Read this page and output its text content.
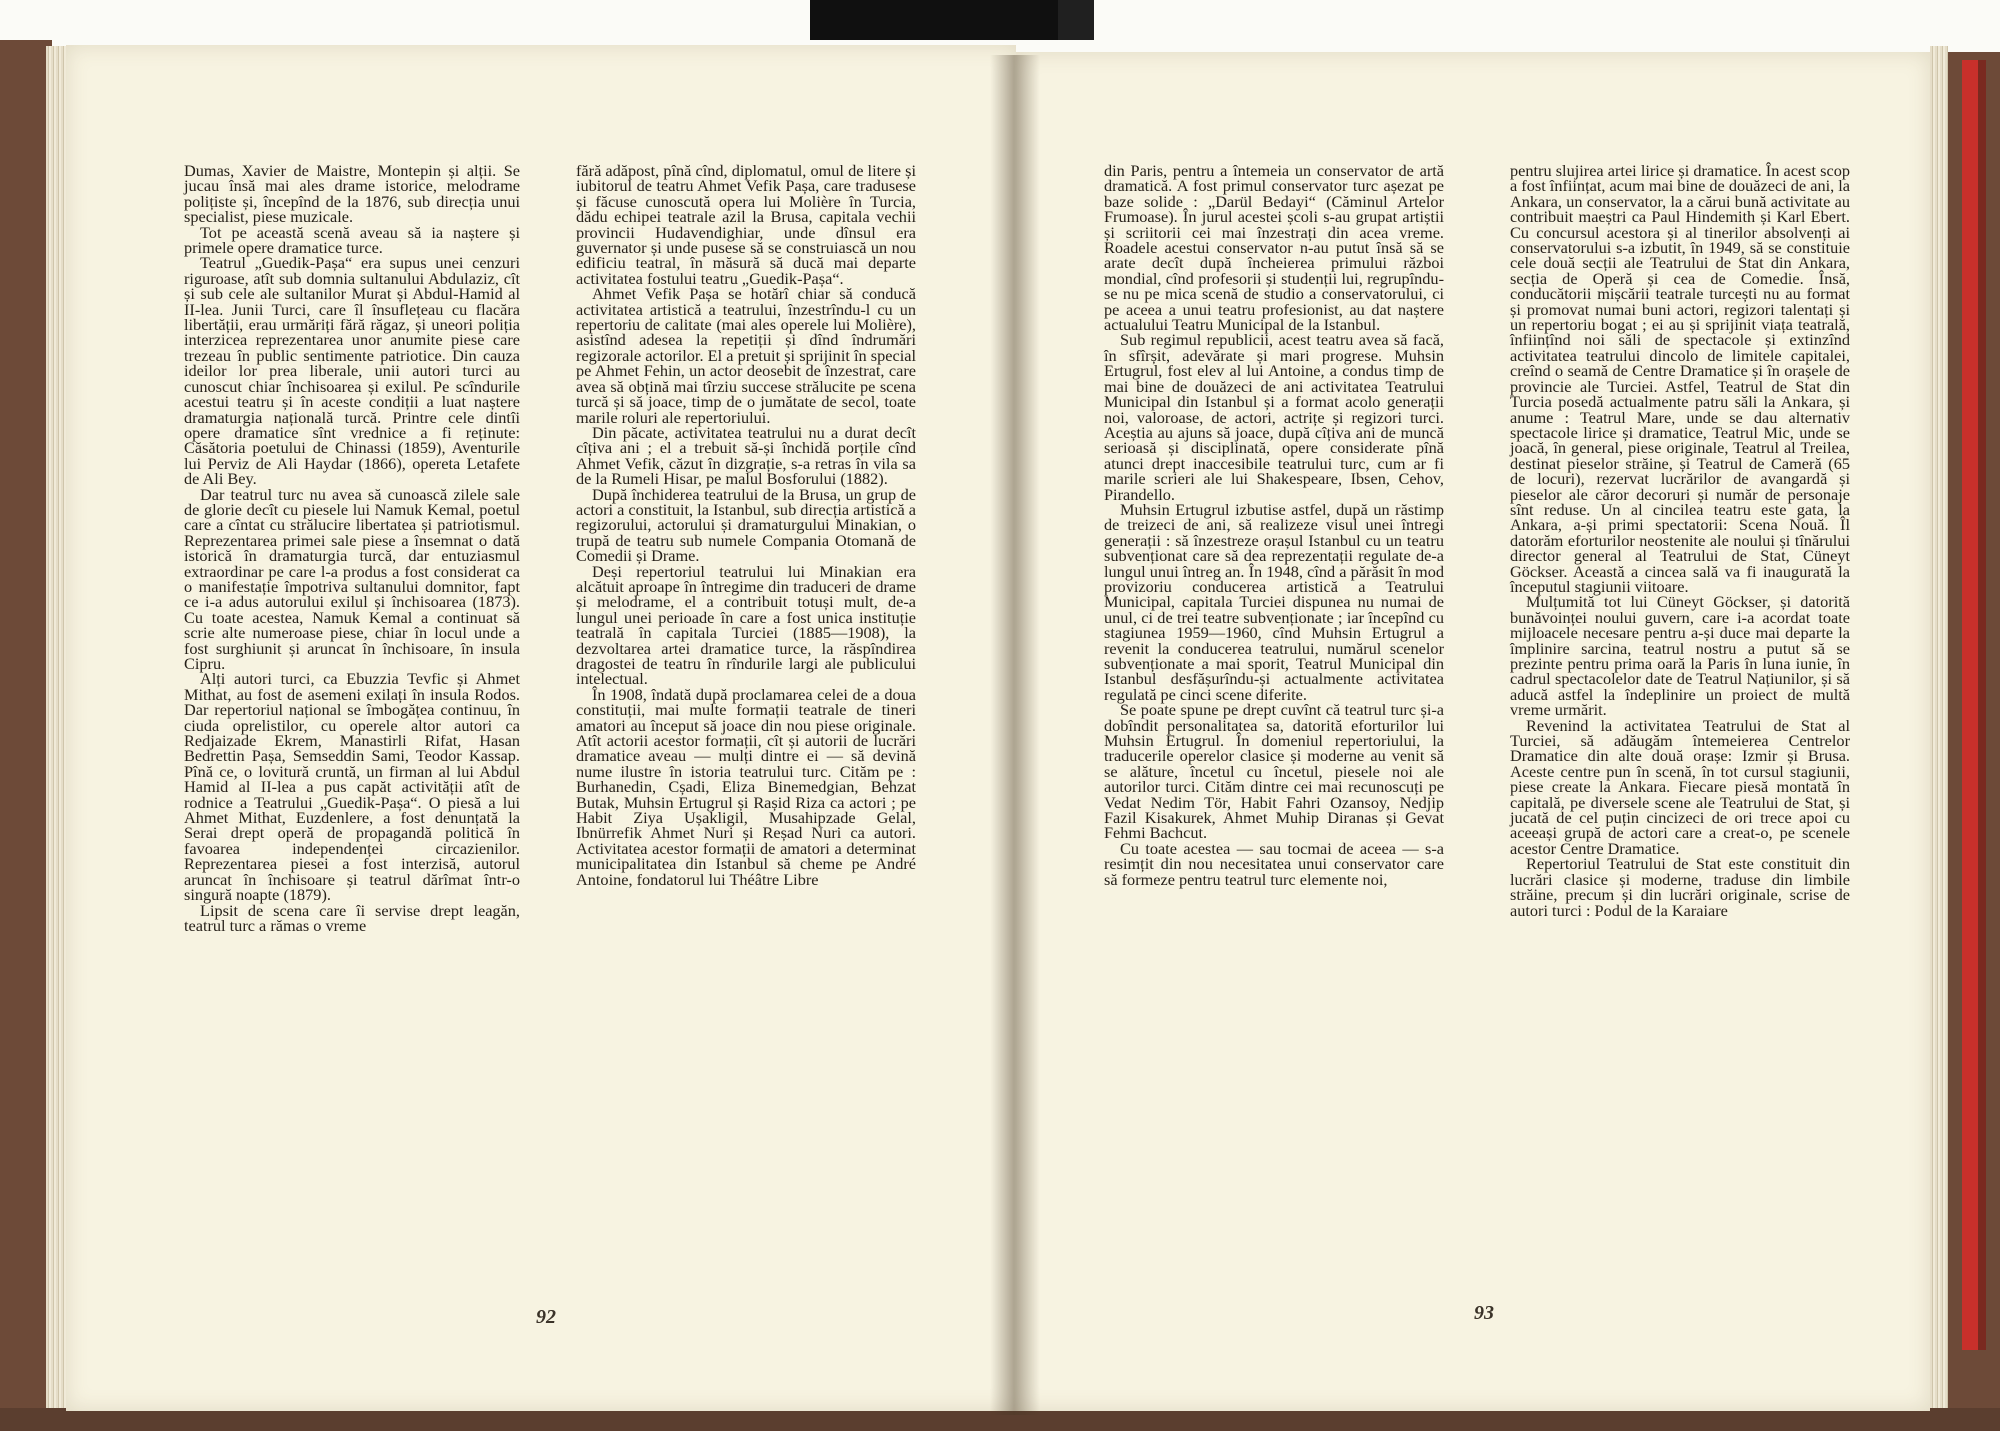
Dumas, Xavier de Maistre, Montepin și alții. Se jucau însă mai ales drame istorice, melodrame polițiste și, începînd de la 1876, sub direcția unui specialist, piese muzicale.

Tot pe această scenă aveau să ia naștere și primele opere dramatice turce.

Teatrul „Guedik-Pașa“ era supus unei cenzuri riguroase, atît sub domnia sultanului Abdulaziz, cît și sub cele ale sultanilor Murat și Abdul-Hamid al II-lea. Junii Turci, care îl însuflețeau cu flacăra libertății, erau urmăriți fără răgaz, și uneori poliția interzicea reprezentarea unor anumite piese care trezeau în public sentimente patriotice. Din cauza ideilor lor prea liberale, unii autori turci au cunoscut chiar închisoarea și exilul. Pe scîndurile acestui teatru și în aceste condiții a luat naștere dramaturgia națională turcă. Printre cele dintîi opere dramatice sînt vrednice a fi reținute: Căsătoria poetului de Chinassi (1859), Aventurile lui Perviz de Ali Haydar (1866), opereta Letafete de Ali Bey.

Dar teatrul turc nu avea să cunoască zilele sale de glorie decît cu piesele lui Namuk Kemal, poetul care a cîntat cu strălucire libertatea și patriotismul. Reprezentarea primei sale piese a însemnat o dată istorică în dramaturgia turcă, dar entuziasmul extraordinar pe care l-a produs a fost considerat ca o manifestație împotriva sultanului domnitor, fapt ce i-a adus autorului exilul și închisoarea (1873). Cu toate acestea, Namuk Kemal a continuat să scrie alte numeroase piese, chiar în locul unde a fost surghiunit și aruncat în închisoare, în insula Cipru.

Alți autori turci, ca Ebuzzia Tevfic și Ahmet Mithat, au fost de asemeni exilați în insula Rodos. Dar repertoriul național se îmbogățea continuu, în ciuda oprelistilor, cu operele altor autori ca Redjaizade Ekrem, Manastirli Rifat, Hasan Bedrettin Pașa, Semseddin Sami, Teodor Kassap. Pînă ce, o lovitură cruntă, un firman al lui Abdul Hamid al II-lea a pus capăt activității atît de rodnice a Teatrului „Guedik-Pașa“. O piesă a lui Ahmet Mithat, Euzdenlere, a fost denunțată la Serai drept operă de propagandă politică în favoarea independenței circazienilor. Reprezentarea piesei a fost interzisă, autorul aruncat în închisoare și teatrul dărîmat într-o singură noapte (1879).

Lipsit de scena care îi servise drept leagăn, teatrul turc a rămas o vreme

fără adăpost, pînă cînd, diplomatul, omul de litere și iubitorul de teatru Ahmet Vefik Pașa, care tradusese și făcuse cunoscută opera lui Molière în Turcia, dădu echipei teatrale azil la Brusa, capitala vechii provincii Hudavendighiar, unde dînsul era guvernator și unde pusese să se construiască un nou edificiu teatral, în măsură să ducă mai departe activitatea fostului teatru „Guedik-Pașa“.

Ahmet Vefik Pașa se hotărî chiar să conducă activitatea artistică a teatrului, înzestrîndu-l cu un repertoriu de calitate (mai ales operele lui Molière), asistînd adesea la repetiții și dînd îndrumări regizorale actorilor. El a pretuit și sprijinit în special pe Ahmet Fehin, un actor deosebit de înzestrat, care avea să obțină mai tîrziu succese strălucite pe scena turcă și să joace, timp de o jumătate de secol, toate marile roluri ale repertoriului.

Din păcate, activitatea teatrului nu a durat decît cîțiva ani ; el a trebuit să-și închidă porțile cînd Ahmet Vefik, căzut în dizgrație, s-a retras în vila sa de la Rumeli Hisar, pe malul Bosforului (1882).

După închiderea teatrului de la Brusa, un grup de actori a constituit, la Istanbul, sub direcția artistică a regizorului, actorului și dramaturgului Minakian, o trupă de teatru sub numele Compania Otomană de Comedii și Drame.

Deși repertoriul teatrului lui Minakian era alcătuit aproape în întregime din traduceri de drame și melodrame, el a contribuit totuși mult, de-a lungul unei perioade în care a fost unica instituție teatrală în capitala Turciei (1885—1908), la dezvoltarea artei dramatice turce, la răspîndirea dragostei de teatru în rîndurile largi ale publicului intelectual.

În 1908, îndată după proclamarea celei de a doua constituții, mai multe formații teatrale de tineri amatori au început să joace din nou piese originale. Atît actorii acestor formații, cît și autorii de lucrări dramatice aveau — mulți dintre ei — să devină nume ilustre în istoria teatrului turc. Cităm pe : Burhanedin, Cșadi, Eliza Binemedgian, Behzat Butak, Muhsin Ertugrul și Rașid Riza ca actori ; pe Habit Ziya Ușakligil, Musahipzade Gelal, Ibnürrefik Ahmet Nuri și Reșad Nuri ca autori. Activitatea acestor formații de amatori a determinat municipalitatea din Istanbul să cheme pe André Antoine, fondatorul lui Théâtre Libre

din Paris, pentru a întemeia un conservator de artă dramatică. A fost primul conservator turc așezat pe baze solide : „Darül Bedayi“ (Căminul Artelor Frumoase). În jurul acestei școli s-au grupat artiștii și scriitorii cei mai înzestrați din acea vreme. Roadele acestui conservator n-au putut însă să se arate decît după încheierea primului război mondial, cînd profesorii și studenții lui, regrupîndu-se nu pe mica scenă de studio a conservatorului, ci pe aceea a unui teatru profesionist, au dat naștere actualului Teatru Municipal de la Istanbul.

Sub regimul republicii, acest teatru avea să facă, în sfîrșit, adevărate și mari progrese. Muhsin Ertugrul, fost elev al lui Antoine, a condus timp de mai bine de douăzeci de ani activitatea Teatrului Municipal din Istanbul și a format acolo generații noi, valoroase, de actori, actrițe și regizori turci. Aceștia au ajuns să joace, după cîțiva ani de muncă serioasă și disciplinată, opere considerate pînă atunci drept inaccesibile teatrului turc, cum ar fi marile scrieri ale lui Shakespeare, Ibsen, Cehov, Pirandello.

Muhsin Ertugrul izbutise astfel, după un răstimp de treizeci de ani, să realizeze visul unei întregi generații : să înzestreze orașul Istanbul cu un teatru subvenționat care să dea reprezentații regulate de-a lungul unui întreg an. În 1948, cînd a părăsit în mod provizoriu conducerea artistică a Teatrului Municipal, capitala Turciei dispunea nu numai de unul, ci de trei teatre subvenționate ; iar începînd cu stagiunea 1959—1960, cînd Muhsin Ertugrul a revenit la conducerea teatrului, numărul scenelor subvenționate a mai sporit, Teatrul Municipal din Istanbul desfășurîndu-și actualmente activitatea regulată pe cinci scene diferite.

Se poate spune pe drept cuvînt că teatrul turc și-a dobîndit personalitatea sa, datorită eforturilor lui Muhsin Ertugrul. În domeniul repertoriului, la traducerile operelor clasice și moderne au venit să se alăture, încetul cu încetul, piesele noi ale autorilor turci. Cităm dintre cei mai recunoscuți pe Vedat Nedim Tör, Habit Fahri Ozansoy, Nedjip Fazil Kisakurek, Ahmet Muhip Diranas și Gevat Fehmi Bachcut.

Cu toate acestea — sau tocmai de aceea — s-a resimțit din nou necesitatea unui conservator care să formeze pentru teatrul turc elemente noi,

pentru slujirea artei lirice și dramatice. În acest scop a fost înființat, acum mai bine de douăzeci de ani, la Ankara, un conservator, la a cărui bună activitate au contribuit maeștri ca Paul Hindemith și Karl Ebert. Cu concursul acestora și al tinerilor absolvenți ai conservatorului s-a izbutit, în 1949, să se constituie cele două secții ale Teatrului de Stat din Ankara, secția de Operă și cea de Comedie. Însă, conducătorii mișcării teatrale turcești nu au format și promovat numai buni actori, regizori talentați și un repertoriu bogat ; ei au și sprijinit viața teatrală, înființînd noi săli de spectacole și extinzînd activitatea teatrului dincolo de limitele capitalei, creînd o seamă de Centre Dramatice și în orașele de provincie ale Turciei. Astfel, Teatrul de Stat din Turcia posedă actualmente patru săli la Ankara, și anume : Teatrul Mare, unde se dau alternativ spectacole lirice și dramatice, Teatrul Mic, unde se joacă, în general, piese originale, Teatrul al Treilea, destinat pieselor străine, și Teatrul de Cameră (65 de locuri), rezervat lucrărilor de avangardă și pieselor ale căror decoruri și număr de personaje sînt reduse. Un al cincilea teatru este gata, la Ankara, a-și primi spectatorii: Scena Nouă. Îl datorăm eforturilor neostenite ale noului și tînărului director general al Teatrului de Stat, Cüneyt Göckser. Această a cincea sală va fi inaugurată la începutul stagiunii viitoare.

Mulțumită tot lui Cüneyt Göckser, și datorită bunăvoinței noului guvern, care i-a acordat toate mijloacele necesare pentru a-și duce mai departe la împlinire sarcina, teatrul nostru a putut să se prezinte pentru prima oară la Paris în luna iunie, în cadrul spectacolelor date de Teatrul Națiunilor, și să aducă astfel la îndeplinire un proiect de multă vreme urmărit.

Revenind la activitatea Teatrului de Stat al Turciei, să adăugăm întemeierea Centrelor Dramatice din alte două orașe: Izmir și Brusa. Aceste centre pun în scenă, în tot cursul stagiunii, piese create la Ankara. Fiecare piesă montată în capitală, pe diversele scene ale Teatrului de Stat, și jucată de cel puțin cincizeci de ori trece apoi cu aceeași grupă de actori care a creat-o, pe scenele acestor Centre Dramatice.

Repertoriul Teatrului de Stat este constituit din lucrări clasice și moderne, traduse din limbile străine, precum și din lucrări originale, scrise de autori turci : Podul de la Karaiare

92	93
